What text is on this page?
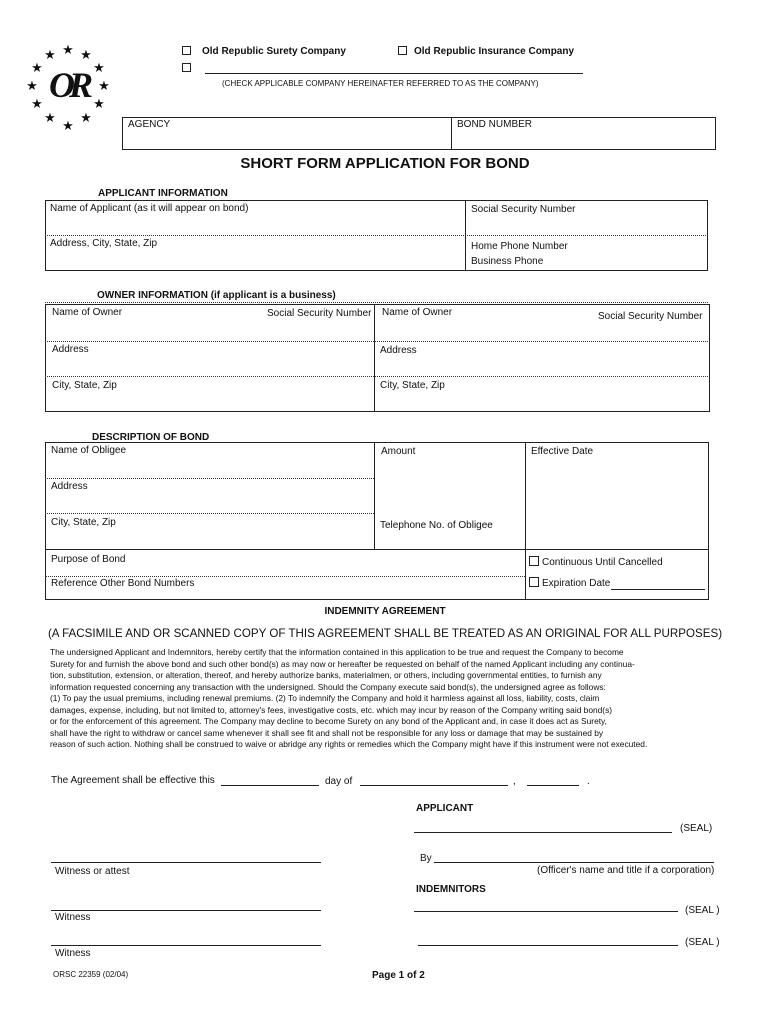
★ ★
★
★
★
★
★
★
★
★
★
★
OR
Old Republic Surety Company	Old Republic Insurance Company
(CHECK APPLICABLE COMPANY HEREINAFTER REFERRED TO AS THE COMPANY)
AGENCY	BOND NUMBER
SHORT FORM APPLICATION FOR BOND
APPLICANT INFORMATION
Name of Applicant (as it will appear on bond)	Social Security Number
Address, City, State, Zip	Home Phone Number
Business Phone
OWNER INFORMATION (if applicant is a business)
Name of Owner	Social Security Number Name of Owner	Social Security Number
Address	Address
City, State, Zip	City, State, Zip
DESCRIPTION OF BOND
Name of Obligee	Amount	Effective Date
Address
City, State, Zip	Telephone No. of Obligee
Purpose of Bond	Continuous Until Cancelled
Reference Other Bond Numbers	Expiration Date
INDEMNITY AGREEMENT
(A FACSIMILE AND OR SCANNED COPY OF THIS AGREEMENT SHALL BE TREATED AS AN ORIGINAL FOR ALL PURPOSES)
The undersigned Applicant and Indemnitors, hereby certify that the information contained in this application to be true and request the Company to become
Surety for and furnish the above bond and such other bond(s) as may now or hereafter be requested on behalf of the named Applicant including any continua-
tion, substitution, extension, or alteration, thereof, and hereby authorize banks, materialmen, or others, including governmental entities, to furnish any
information requested concerning any transaction with the undersigned. Should the Company execute said bond(s), the undersigned agree as follows:
(1) To pay the usual premiums, including renewal premiums. (2) To indemnify the Company and hold it harmless against all loss, liability, costs, claim
damages, expense, including, but not limited to, attorney's fees, investigative costs, etc. which may incur by reason of the Company writing said bond(s)
or for the enforcement of this agreement. The Company may decline to become Surety on any bond of the Applicant and, in case it does act as Surety,
shall have the right to withdraw or cancel same whenever it shall see fit and shall not be responsible for any loss or damage that may be sustained by
reason of such action. Nothing shall be construed to waive or abridge any rights or remedies which the Company might have if this instrument were not executed.
The Agreement shall be effective this	day of	,	.
APPLICANT
(SEAL)
By
(Officer's name and title if a corporation)
Witness or attest
INDEMNITORS
(SEAL )
Witness
(SEAL )
Witness
ORSC 22359 (02/04)	Page 1 of 2
